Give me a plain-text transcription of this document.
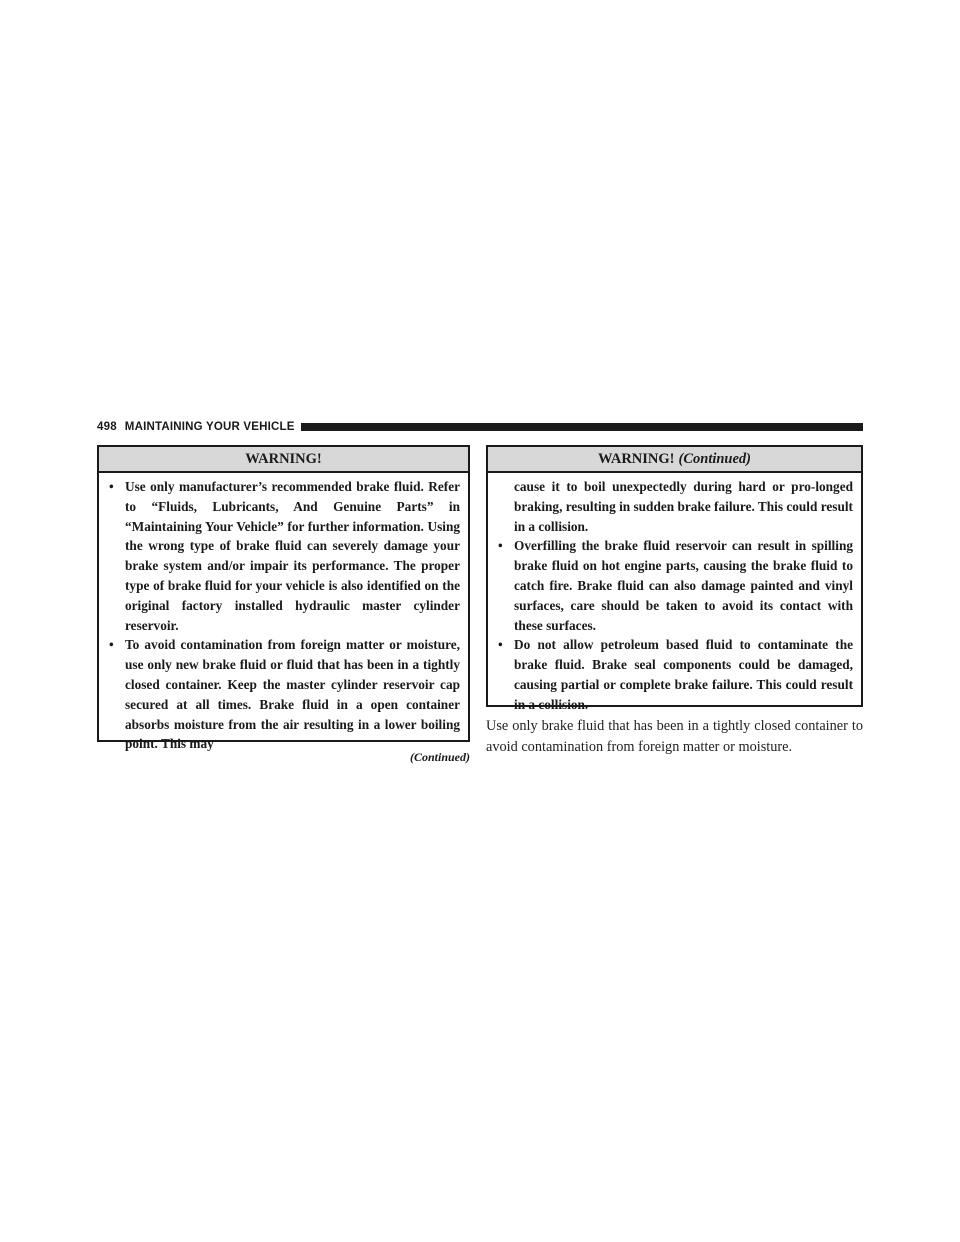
498 MAINTAINING YOUR VEHICLE
WARNING!
• Use only manufacturer’s recommended brake fluid. Refer to “Fluids, Lubricants, And Genuine Parts” in “Maintaining Your Vehicle” for further information. Using the wrong type of brake fluid can severely damage your brake system and/or impair its performance. The proper type of brake fluid for your vehicle is also identified on the original factory installed hydraulic master cylinder reservoir.
• To avoid contamination from foreign matter or moisture, use only new brake fluid or fluid that has been in a tightly closed container. Keep the master cylinder reservoir cap secured at all times. Brake fluid in a open container absorbs moisture from the air resulting in a lower boiling point. This may
(Continued)
WARNING! (Continued)
cause it to boil unexpectedly during hard or pro-longed braking, resulting in sudden brake failure. This could result in a collision.
• Overfilling the brake fluid reservoir can result in spilling brake fluid on hot engine parts, causing the brake fluid to catch fire. Brake fluid can also damage painted and vinyl surfaces, care should be taken to avoid its contact with these surfaces.
• Do not allow petroleum based fluid to contaminate the brake fluid. Brake seal components could be damaged, causing partial or complete brake failure. This could result in a collision.
Use only brake fluid that has been in a tightly closed container to avoid contamination from foreign matter or moisture.
